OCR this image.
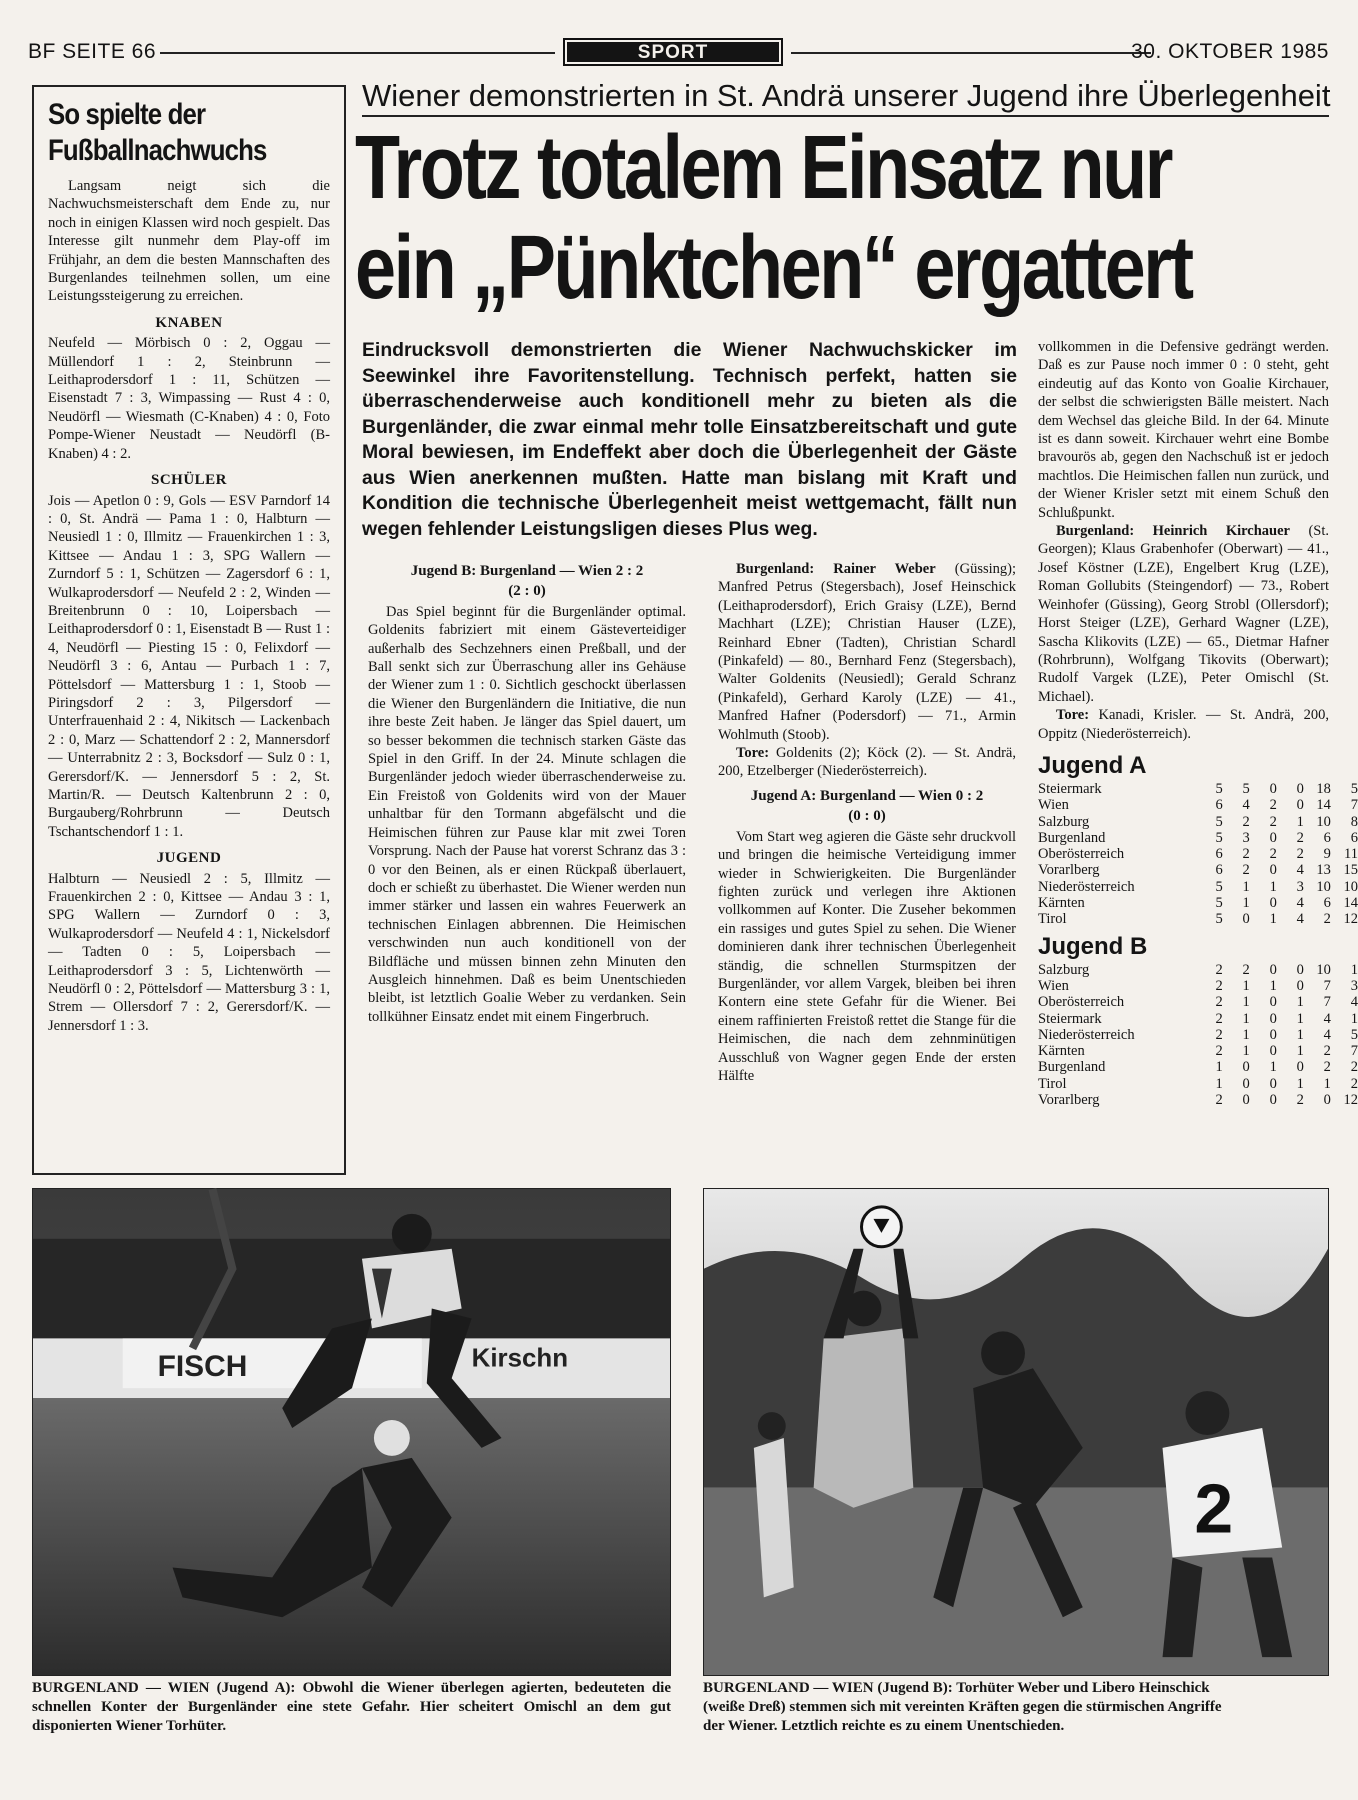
BF SEITE 66	SPORT	30. OKTOBER 1985
So spielte der
Fußballnachwuchs

Langsam neigt sich die Nachwuchsmeisterschaft dem Ende zu, nur noch in einigen Klassen wird noch gespielt. Das Interesse gilt nunmehr dem Play-off im Frühjahr, an dem die besten Mannschaften des Burgenlandes teilnehmen sollen, um eine Leistungssteigerung zu erreichen.

KNABEN

Neufeld — Mörbisch 0 : 2, Oggau — Müllendorf 1 : 2, Steinbrunn — Leithaprodersdorf 1 : 11, Schützen — Eisenstadt 7 : 3, Wimpassing — Rust 4 : 0, Neudörfl — Wiesmath (C-Knaben) 4 : 0, Foto Pompe-Wiener Neustadt — Neudörfl (B-Knaben) 4 : 2.

SCHÜLER

Jois — Apetlon 0 : 9, Gols — ESV Parndorf 14 : 0, St. Andrä — Pama 1 : 0, Halbturn — Neusiedl 1 : 0, Illmitz — Frauenkirchen 1 : 3, Kittsee — Andau 1 : 3, SPG Wallern — Zurndorf 5 : 1, Schützen — Zagersdorf 6 : 1, Wulkaprodersdorf — Neufeld 2 : 2, Winden — Breitenbrunn 0 : 10, Loipersbach — Leithaprodersdorf 0 : 1, Eisenstadt B — Rust 1 : 4, Neudörfl — Piesting 15 : 0, Felixdorf — Neudörfl 3 : 6, Antau — Purbach 1 : 7, Pöttelsdorf — Mattersburg 1 : 1, Stoob — Piringsdorf 2 : 3, Pilgersdorf — Unterfrauenhaid 2 : 4, Nikitsch — Lackenbach 2 : 0, Marz — Schattendorf 2 : 2, Mannersdorf — Unterrabnitz 2 : 3, Bocksdorf — Sulz 0 : 1, Gerersdorf/K. — Jennersdorf 5 : 2, St. Martin/R. — Deutsch Kaltenbrunn 2 : 0, Burgauberg/Rohrbrunn — Deutsch Tschantschendorf 1 : 1.

JUGEND

Halbturn — Neusiedl 2 : 5, Illmitz — Frauenkirchen 2 : 0, Kittsee — Andau 3 : 1, SPG Wallern — Zurndorf 0 : 3, Wulkaprodersdorf — Neufeld 4 : 1, Nickelsdorf — Tadten 0 : 5, Loipersbach — Leithaprodersdorf 3 : 5, Lichtenwörth — Neudörfl 0 : 2, Pöttelsdorf — Mattersburg 3 : 1, Strem — Ollersdorf 7 : 2, Gerersdorf/K. — Jennersdorf 1 : 3.

Wiener demonstrierten in St. Andrä unserer Jugend ihre Überlegenheit
Trotz totalem Einsatz nur
ein „Pünktchen“ ergattert

Eindrucksvoll demonstrierten die Wiener Nachwuchskicker im Seewinkel ihre Favoritenstellung. Technisch perfekt, hatten sie überraschenderweise auch konditionell mehr zu bieten als die Burgenländer, die zwar einmal mehr tolle Einsatzbereitschaft und gute Moral bewiesen, im Endeffekt aber doch die Überlegenheit der Gäste aus Wien anerkennen mußten. Hatte man bislang mit Kraft und Kondition die technische Überlegenheit meist wettgemacht, fällt nun wegen fehlender Leistungsligen dieses Plus weg.

Jugend B: Burgenland — Wien 2 : 2
(2 : 0)

Das Spiel beginnt für die Burgenländer optimal. Goldenits fabriziert mit einem Gästeverteidiger außerhalb des Sechzehners einen Preßball, und der Ball senkt sich zur Überraschung aller ins Gehäuse der Wiener zum 1 : 0. Sichtlich geschockt überlassen die Wiener den Burgenländern die Initiative, die nun ihre beste Zeit haben. Je länger das Spiel dauert, um so besser bekommen die technisch starken Gäste das Spiel in den Griff. In der 24. Minute schlagen die Burgenländer jedoch wieder überraschenderweise zu. Ein Freistoß von Goldenits wird von der Mauer unhaltbar für den Tormann abgefälscht und die Heimischen führen zur Pause klar mit zwei Toren Vorsprung. Nach der Pause hat vorerst Schranz das 3 : 0 vor den Beinen, als er einen Rückpaß überlauert, doch er schießt zu überhastet. Die Wiener werden nun immer stärker und lassen ein wahres Feuerwerk an technischen Einlagen abbrennen. Die Heimischen verschwinden nun auch konditionell von der Bildfläche und müssen binnen zehn Minuten den Ausgleich hinnehmen. Daß es beim Unentschieden bleibt, ist letztlich Goalie Weber zu verdanken. Sein tollkühner Einsatz endet mit einem Fingerbruch.

Burgenland: Rainer Weber (Güssing); Manfred Petrus (Stegersbach), Josef Heinschick (Leithaprodersdorf), Erich Graisy (LZE), Bernd Machhart (LZE); Christian Hauser (LZE), Reinhard Ebner (Tadten), Christian Schardl (Pinkafeld) — 80., Bernhard Fenz (Stegersbach), Walter Goldenits (Neusiedl); Gerald Schranz (Pinkafeld), Gerhard Karoly (LZE) — 41., Manfred Hafner (Podersdorf) — 71., Armin Wohlmuth (Stoob).

Tore: Goldenits (2); Köck (2). — St. Andrä, 200, Etzelberger (Niederösterreich).

Jugend A: Burgenland — Wien 0 : 2
(0 : 0)

Vom Start weg agieren die Gäste sehr druckvoll und bringen die heimische Verteidigung immer wieder in Schwierigkeiten. Die Burgenländer fighten zurück und verlegen ihre Aktionen vollkommen auf Konter. Die Zuseher bekommen ein rassiges und gutes Spiel zu sehen. Die Wiener dominieren dank ihrer technischen Überlegenheit ständig, die schnellen Sturmspitzen der Burgenländer, vor allem Vargek, bleiben bei ihren Kontern eine stete Gefahr für die Wiener. Bei einem raffinierten Freistoß rettet die Stange für die Heimischen, die nach dem zehnminütigen Ausschluß von Wagner gegen Ende der ersten Hälfte

vollkommen in die Defensive gedrängt werden. Daß es zur Pause noch immer 0 : 0 steht, geht eindeutig auf das Konto von Goalie Kirchauer, der selbst die schwierigsten Bälle meistert. Nach dem Wechsel das gleiche Bild. In der 64. Minute ist es dann soweit. Kirchauer wehrt eine Bombe bravourös ab, gegen den Nachschuß ist er jedoch machtlos. Die Heimischen fallen nun zurück, und der Wiener Krisler setzt mit einem Schuß den Schlußpunkt.

Burgenland: Heinrich Kirchauer (St. Georgen); Klaus Grabenhofer (Oberwart) — 41., Josef Köstner (LZE), Engelbert Krug (LZE), Roman Gollubits (Steingendorf) — 73., Robert Weinhofer (Güssing), Georg Strobl (Ollersdorf); Horst Steiger (LZE), Gerhard Wagner (LZE), Sascha Klikovits (LZE) — 65., Dietmar Hafner (Rohrbrunn), Wolfgang Tikovits (Oberwart); Rudolf Vargek (LZE), Peter Omischl (St. Michael).

Tore: Kanadi, Krisler. — St. Andrä, 200, Oppitz (Niederösterreich).

Jugend A
Steiermark	5	5	0	0	18	5
Wien	6	4	2	0	14	7
Salzburg	5	2	2	1	10	8
Burgenland	5	3	0	2	6	6
Oberösterreich	6	2	2	2	9	11
Vorarlberg	6	2	0	4	13	15
Niederösterreich	5	1	1	3	10	10
Kärnten	5	1	0	4	6	14
Tirol	5	0	1	4	2	12
Jugend B
Salzburg	2	2	0	0	10	1
Wien	2	1	1	0	7	3
Oberösterreich	2	1	0	1	7	4
Steiermark	2	1	0	1	4	1
Niederösterreich	2	1	0	1	4	5
Kärnten	2	1	0	1	2	7
Burgenland	1	0	1	0	2	2
Tirol	1	0	0	1	1	2
Vorarlberg	2	0	0	2	0	12
FISCH	Kirschn
2

BURGENLAND — WIEN (Jugend A): Obwohl die Wiener überlegen agierten, bedeuteten die schnellen Konter der Burgenländer eine stete Gefahr. Hier scheitert Omischl an dem gut disponierten Wiener Torhüter.

BURGENLAND — WIEN (Jugend B): Torhüter Weber und Libero Heinschick
(weiße Dreß) stemmen sich mit vereinten Kräften gegen die stürmischen Angriffe
der Wiener. Letztlich reichte es zu einem Unentschieden.
